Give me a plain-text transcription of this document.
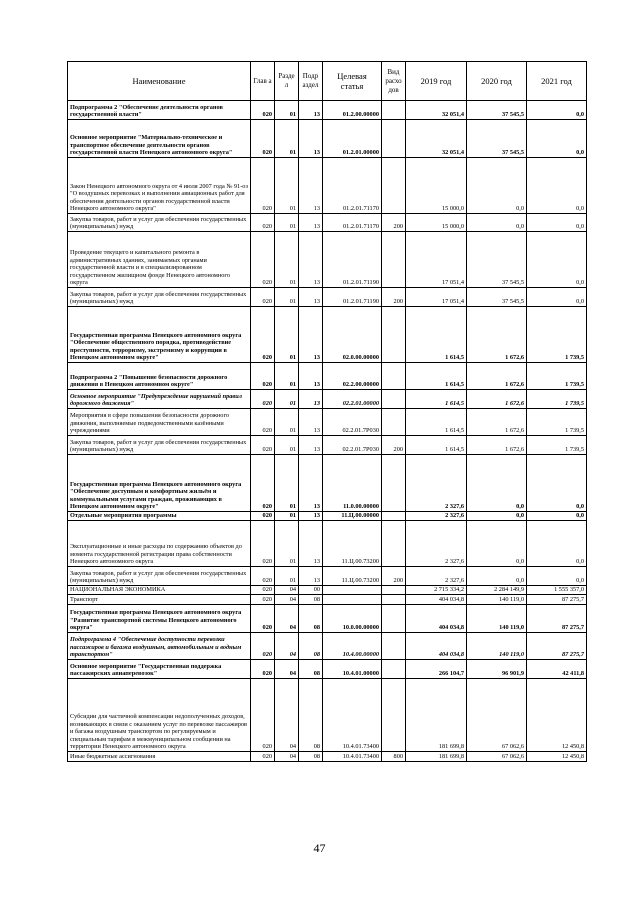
Наименование	Глав а	Разде л	Подр аздел	Целевая статья	Вид расхо дов	2019 год	2020 год	2021 год
Подпрограмма 2 "Обеспечение деятельности органов государственной власти"	020	01	13	01.2.00.00000		32 051,4	37 545,5	0,0
Основное мероприятие "Материально-техническое и транспортное обеспечение деятельности органов государственной власти Ненецкого автономного округа"	020	01	13	01.2.01.00000		32 051,4	37 545,5	0,0
Закон Ненецкого автономного округа от 4 июля 2007 года № 91-оз "О воздушных перевозках и выполнении авиационных работ для обеспечения деятельности органов государственной власти Ненецкого автономного округа"	020	01	13	01.2.01.71170		15 000,0	0,0	0,0
Закупка товаров, работ и услуг для обеспечения государственных (муниципальных) нужд	020	01	13	01.2.01.71170	200	15 000,0	0,0	0,0
Проведение текущего и капитального ремонта в административных зданиях, занимаемых органами государственной власти и в специализированном государственном жилищном фонде Ненецкого автономного округа	020	01	13	01.2.01.71190		17 051,4	37 545,5	0,0
Закупка товаров, работ и услуг для обеспечения государственных (муниципальных) нужд	020	01	13	01.2.01.71190	200	17 051,4	37 545,5	0,0
Государственная программа Ненецкого автономного округа "Обеспечение общественного порядка, противодействие преступности, терроризму, экстремизму и коррупции в Ненецком автономном округе"	020	01	13	02.0.00.00000		1 614,5	1 672,6	1 739,5
Подпрограмма 2 "Повышение безопасности дорожного движения в Ненецком автономном округе"	020	01	13	02.2.00.00000		1 614,5	1 672,6	1 739,5
Основное мероприятие "Предупреждение нарушений правил дорожного движения"	020	01	13	02.2.01.00000		1 614,5	1 672,6	1 739,5
Мероприятия в сфере повышения безопасности дорожного движения, выполняемые подведомственными казёнными учреждениями	020	01	13	02.2.01.7Р030		1 614,5	1 672,6	1 739,5
Закупка товаров, работ и услуг для обеспечения государственных (муниципальных) нужд	020	01	13	02.2.01.7Р030	200	1 614,5	1 672,6	1 739,5
Государственная программа Ненецкого автономного округа "Обеспечение доступным и комфортным жильём и коммунальными услугами граждан, проживающих в Ненецком автономном округе"	020	01	13	11.0.00.00000		2 327,6	0,0	0,0
Отдельные мероприятия программы	020	01	13	11.Ц.00.00000		2 327,6	0,0	0,0
Эксплуатационные и иные расходы по содержанию объектов до момента государственной регистрации права собственности Ненецкого автономного округа	020	01	13	11.Ц.00.73200		2 327,6	0,0	0,0
Закупка товаров, работ и услуг для обеспечения государственных (муниципальных) нужд	020	01	13	11.Ц.00.73200	200	2 327,6	0,0	0,0
НАЦИОНАЛЬНАЯ ЭКОНОМИКА	020	04	00			2 715 334,2	2 284 149,9	1 555 357,0
Транспорт	020	04	08			404 034,8	140 119,0	87 275,7
Государственная программа Ненецкого автономного округа "Развитие транспортной системы Ненецкого автономного округа"	020	04	08	10.0.00.00000		404 034,8	140 119,0	87 275,7
Подпрограмма 4 "Обеспечение доступности перевозки пассажиров и багажа воздушным, автомобильным и водным транспортом"	020	04	08	10.4.00.00000		404 034,8	140 119,0	87 275,7
Основное мероприятие "Государственная поддержка пассажирских авиаперевозок"	020	04	08	10.4.01.00000		266 104,7	96 901,9	42 411,8
Субсидии для частичной компенсации недополученных доходов, возникающих в связи с оказанием услуг по перевозке пассажиров и багажа воздушным транспортом по регулируемым и специальным тарифам в межмуниципальном сообщении на территории Ненецкого автономного округа	020	04	08	10.4.01.73400		181 699,8	67 062,6	12 450,8
Иные бюджетные ассигнования	020	04	08	10.4.01.73400	800	181 699,8	67 062,6	12 450,8
47
